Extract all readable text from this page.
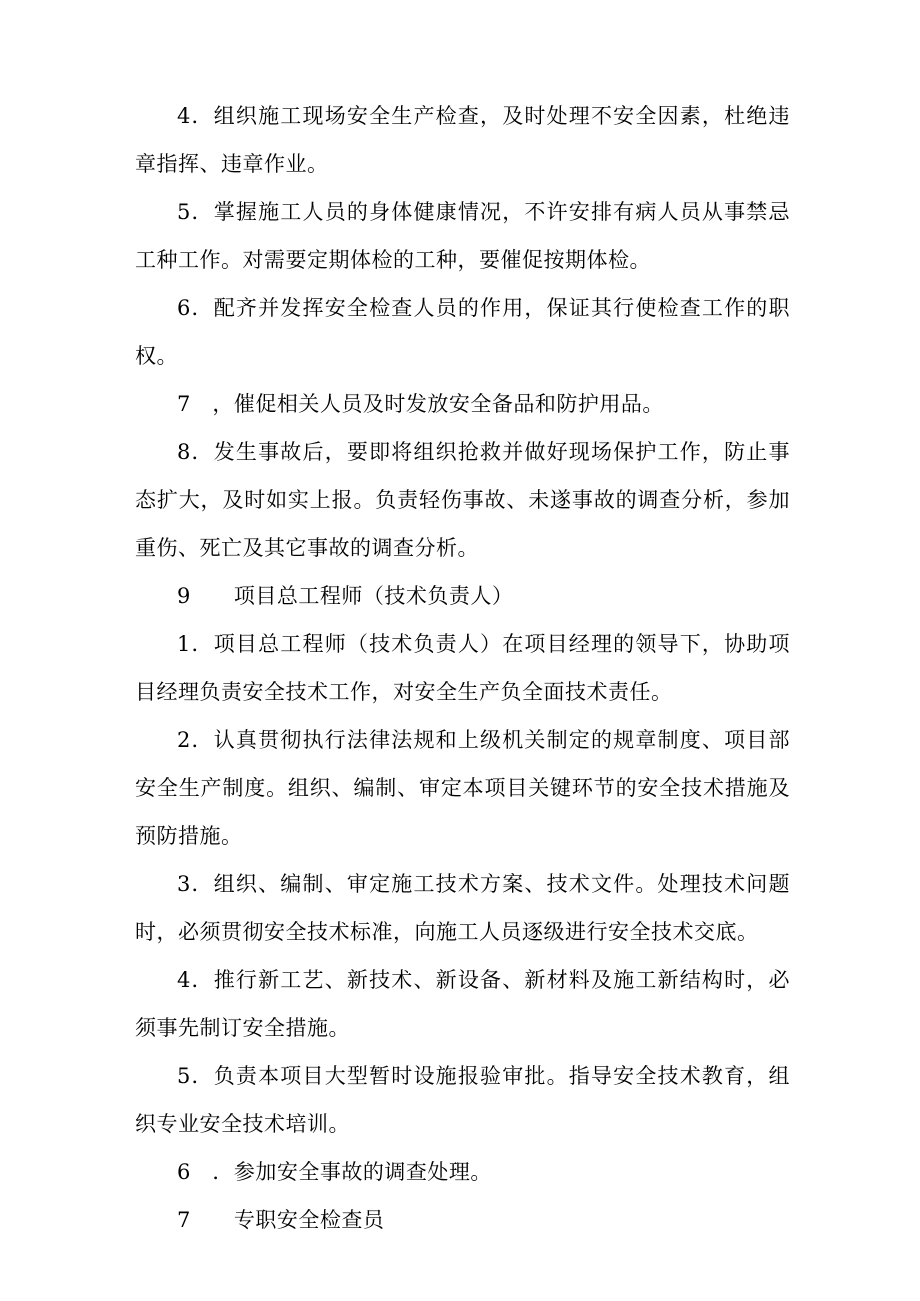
4．组织施工现场安全生产检查，及时处理不安全因素，杜绝违章指挥、违章作业。

5．掌握施工人员的身体健康情况，不许安排有病人员从事禁忌工种工作。对需要定期体检的工种，要催促按期体检。

6．配齐并发挥安全检查人员的作用，保证其行使检查工作的职权。

7　，催促相关人员及时发放安全备品和防护用品。

8．发生事故后，要即将组织抢救并做好现场保护工作，防止事态扩大，及时如实上报。负责轻伤事故、未遂事故的调查分析，参加重伤、死亡及其它事故的调查分析。

9　　项目总工程师（技术负责人）

1．项目总工程师（技术负责人）在项目经理的领导下，协助项目经理负责安全技术工作，对安全生产负全面技术责任。

2．认真贯彻执行法律法规和上级机关制定的规章制度、项目部安全生产制度。组织、编制、审定本项目关键环节的安全技术措施及预防措施。

3．组织、编制、审定施工技术方案、技术文件。处理技术问题时，必须贯彻安全技术标准，向施工人员逐级进行安全技术交底。

4．推行新工艺、新技术、新设备、新材料及施工新结构时，必须事先制订安全措施。

5．负责本项目大型暂时设施报验审批。指导安全技术教育，组织专业安全技术培训。

6　．参加安全事故的调查处理。

7　　专职安全检查员
